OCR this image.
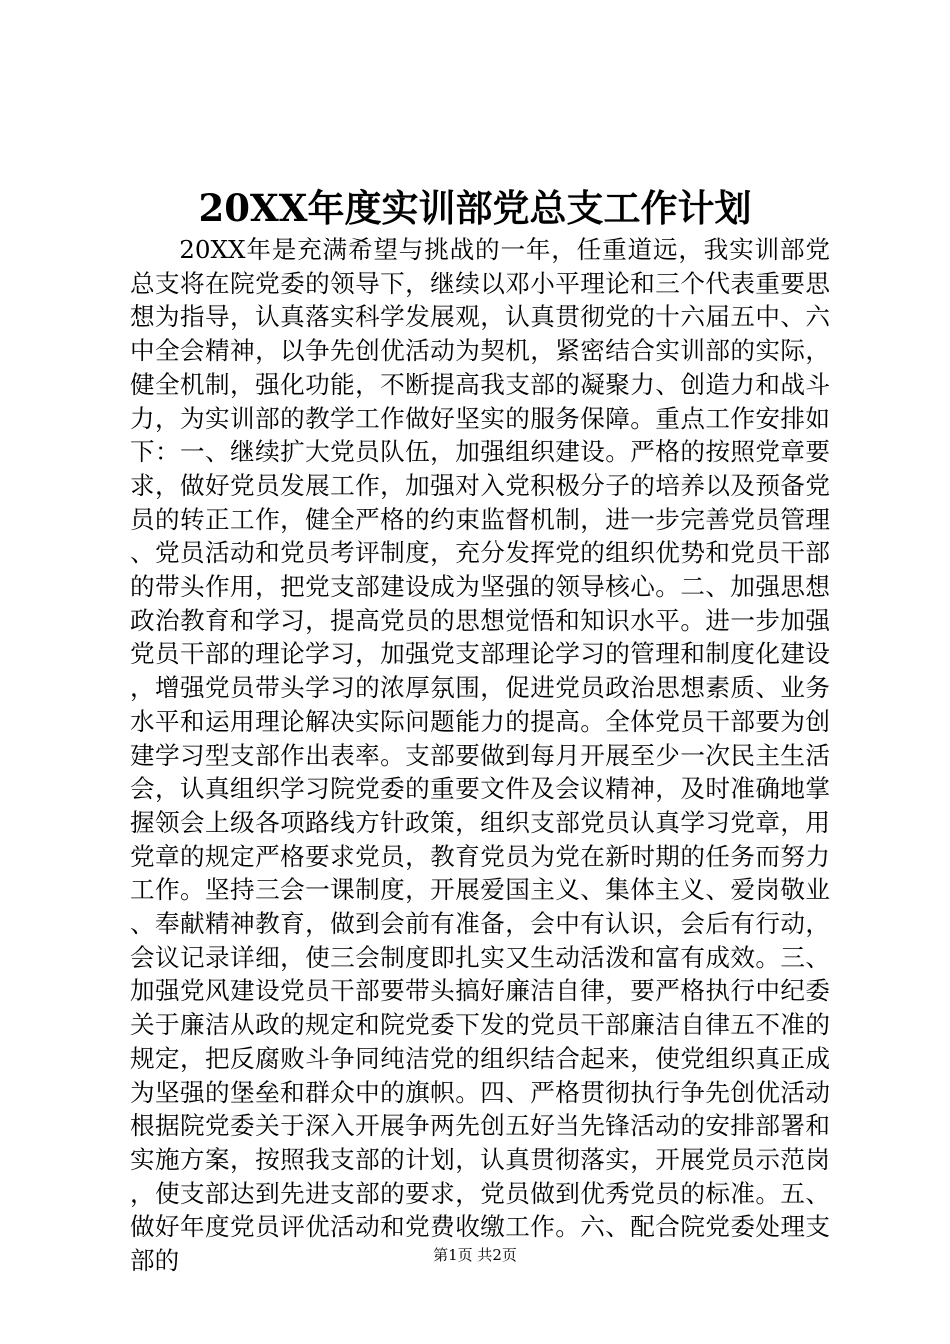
20XX年度实训部党总支工作计划

20XX年是充满希望与挑战的一年，任重道远，我实训部党总支将在院党委的领导下，继续以邓小平理论和三个代表重要思想为指导，认真落实科学发展观，认真贯彻党的十六届五中、六中全会精神，以争先创优活动为契机，紧密结合实训部的实际，健全机制，强化功能，不断提高我支部的凝聚力、创造力和战斗力，为实训部的教学工作做好坚实的服务保障。重点工作安排如下：一、继续扩大党员队伍，加强组织建设。严格的按照党章要求，做好党员发展工作，加强对入党积极分子的培养以及预备党员的转正工作，健全严格的约束监督机制，进一步完善党员管理、党员活动和党员考评制度，充分发挥党的组织优势和党员干部的带头作用，把党支部建设成为坚强的领导核心。二、加强思想政治教育和学习，提高党员的思想觉悟和知识水平。进一步加强党员干部的理论学习，加强党支部理论学习的管理和制度化建设，增强党员带头学习的浓厚氛围，促进党员政治思想素质、业务水平和运用理论解决实际问题能力的提高。全体党员干部要为创建学习型支部作出表率。支部要做到每月开展至少一次民主生活会，认真组织学习院党委的重要文件及会议精神，及时准确地掌握领会上级各项路线方针政策，组织支部党员认真学习党章，用党章的规定严格要求党员，教育党员为党在新时期的任务而努力工作。坚持三会一课制度，开展爱国主义、集体主义、爱岗敬业、奉献精神教育，做到会前有准备，会中有认识，会后有行动，会议记录详细，使三会制度即扎实又生动活泼和富有成效。三、加强党风建设党员干部要带头搞好廉洁自律，要严格执行中纪委关于廉洁从政的规定和院党委下发的党员干部廉洁自律五不准的规定，把反腐败斗争同纯洁党的组织结合起来，使党组织真正成为坚强的堡垒和群众中的旗帜。四、严格贯彻执行争先创优活动根据院党委关于深入开展争两先创五好当先锋活动的安排部署和实施方案，按照我支部的计划，认真贯彻落实，开展党员示范岗，使支部达到先进支部的要求，党员做到优秀党员的标准。五、做好年度党员评优活动和党费收缴工作。六、配合院党委处理支部的	第1页 共2页
